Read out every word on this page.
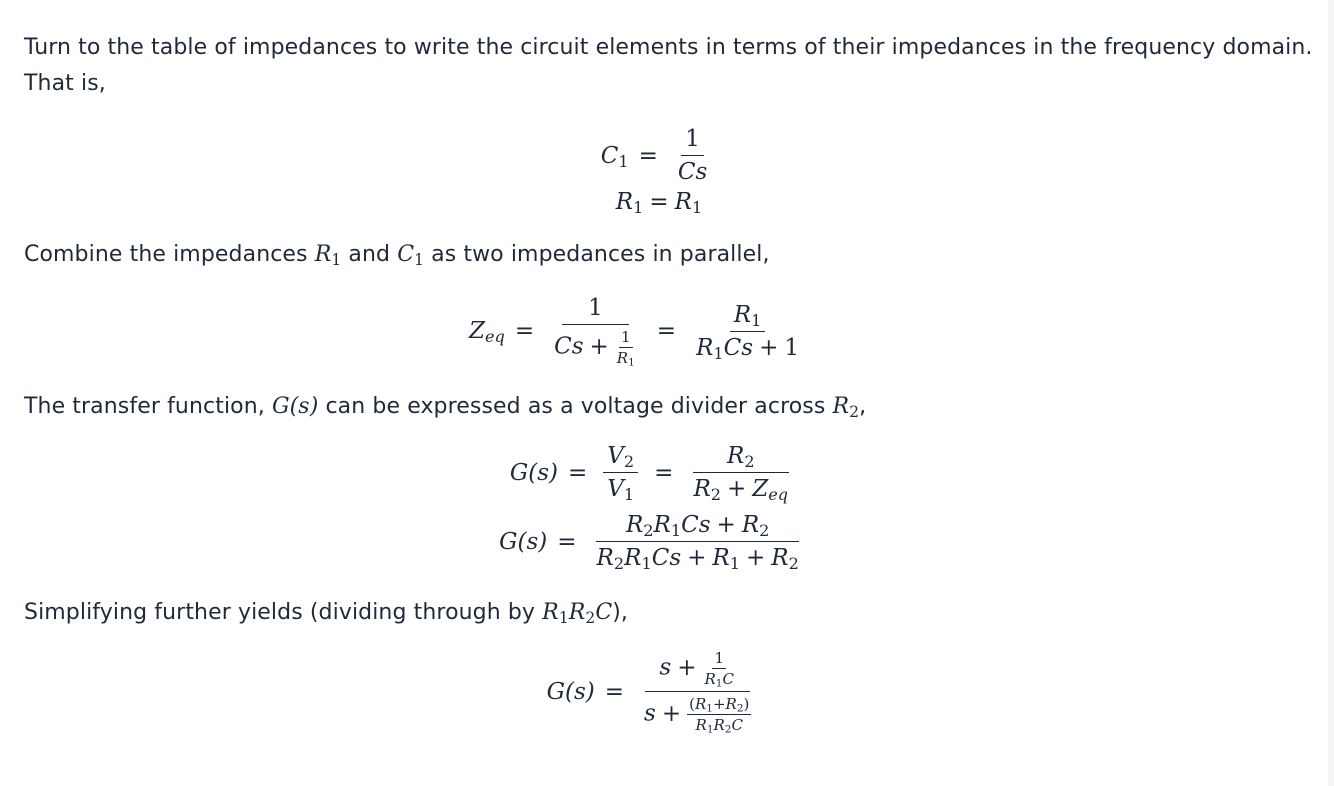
Turn to the table of impedances to write the circuit elements in terms of their impedances in the frequency domain.
That is,

$C_1 = \frac{1}{Cs}$
$R_1 = R_1$

Combine the impedances $R_1$ and $C_1$ as two impedances in parallel,

$Z_{eq} = \frac{1}{Cs + \frac{1}{R_1}} = \frac{R_1}{R_1Cs + 1}$

The transfer function, G(s) can be expressed as a voltage divider across $R_2$,

$G(s) = \frac{V_2}{V_1} = \frac{R_2}{R_2 + Z_{eq}}$
$G(s) = \frac{R_2R_1Cs + R_2}{R_2R_1Cs + R_1 + R_2}$

Simplifying further yields (dividing through by $R_1R_2C$),

$G(s) = \frac{s + \frac{1}{R_1C}}{s + \frac{(R_1+R_2)}{R_1R_2C}}$
